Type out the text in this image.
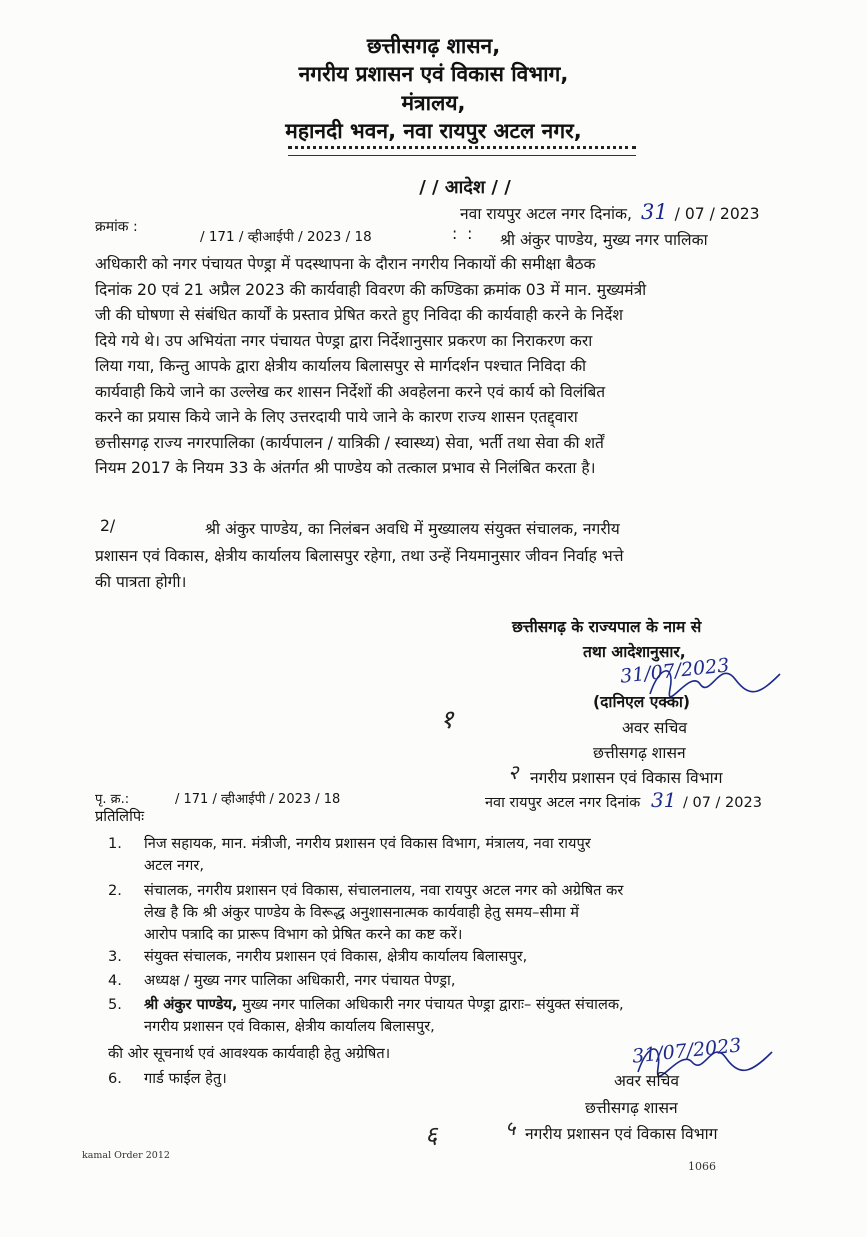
छत्तीसगढ़ शासन,
नगरीय प्रशासन एवं विकास विभाग,
मंत्रालय,
महानदी भवन, नवा रायपुर अटल नगर,
/ / आदेश / /
नवा रायपुर अटल नगर दिनांक, 31 / 07 / 2023
क्रमांक :
/ 171 / व्हीआईपी / 2023 / 18	:  : श्री अंकुर पाण्डेय, मुख्य नगर पालिका
अधिकारी को नगर पंचायत पेण्ड्रा में पदस्थापना के दौरान नगरीय निकायों की समीक्षा बैठक
दिनांक 20 एवं 21 अप्रैल 2023 की कार्यवाही विवरण की कण्डिका क्रमांक 03 में मान. मुख्यमंत्री
जी की घोषणा से संबंधित कार्यों के प्रस्ताव प्रेषित करते हुए निविदा की कार्यवाही करने के निर्देश
दिये गये थे। उप अभियंता नगर पंचायत पेण्ड्रा द्वारा निर्देशानुसार प्रकरण का निराकरण करा
लिया गया, किन्तु आपके द्वारा क्षेत्रीय कार्यालय बिलासपुर से मार्गदर्शन पश्चात निविदा की
कार्यवाही किये जाने का उल्लेख कर शासन निर्देशों की अवहेलना करने एवं कार्य को विलंबित
करने का प्रयास किये जाने के लिए उत्तरदायी पाये जाने के कारण राज्य शासन एतद्द्वारा
छत्तीसगढ़ राज्य नगरपालिका (कार्यपालन / यात्रिकी / स्वास्थ्य) सेवा, भर्ती तथा सेवा की शर्तें
नियम 2017 के नियम 33 के अंतर्गत श्री पाण्डेय को तत्काल प्रभाव से निलंबित करता है।
2/	श्री अंकुर पाण्डेय, का निलंबन अवधि में मुख्यालय संयुक्त संचालक, नगरीय
प्रशासन एवं विकास, क्षेत्रीय कार्यालय बिलासपुर रहेगा, तथा उन्हें नियमानुसार जीवन निर्वाह भत्ते
की पात्रता होगी।
छत्तीसगढ़ के राज्यपाल के नाम से
तथा आदेशानुसार,
31/07/2023
(दानिएल एक्का)
अवर सचिव
छत्तीसगढ़ शासन
२ नगरीय प्रशासन एवं विकास विभाग
१
पृ. क्र.:	/ 171 / व्हीआईपी / 2023 / 18	नवा रायपुर अटल नगर दिनांक 31 / 07 / 2023
प्रतिलिपिः
1.	निज सहायक, मान. मंत्रीजी, नगरीय प्रशासन एवं विकास विभाग, मंत्रालय, नवा रायपुर
अटल नगर,
2.	संचालक, नगरीय प्रशासन एवं विकास, संचालनालय, नवा रायपुर अटल नगर को अग्रेषित कर
लेख है कि श्री अंकुर पाण्डेय के विरूद्ध अनुशासनात्मक कार्यवाही हेतु समय–सीमा में
आरोप पत्रादि का प्रारूप विभाग को प्रेषित करने का कष्ट करें।
3.	संयुक्त संचालक, नगरीय प्रशासन एवं विकास, क्षेत्रीय कार्यालय बिलासपुर,
4.	अध्यक्ष / मुख्य नगर पालिका अधिकारी, नगर पंचायत पेण्ड्रा,
5.	श्री अंकुर पाण्डेय, मुख्य नगर पालिका अधिकारी नगर पंचायत पेण्ड्रा द्वाराः– संयुक्त संचालक,
नगरीय प्रशासन एवं विकास, क्षेत्रीय कार्यालय बिलासपुर,
की ओर सूचनार्थ एवं आवश्यक कार्यवाही हेतु अग्रेषित।
6.	गार्ड फाईल हेतु।
31/07/2023
अवर सचिव
छत्तीसगढ़ शासन
५ नगरीय प्रशासन एवं विकास विभाग
६
kamal Order 2012
1066
